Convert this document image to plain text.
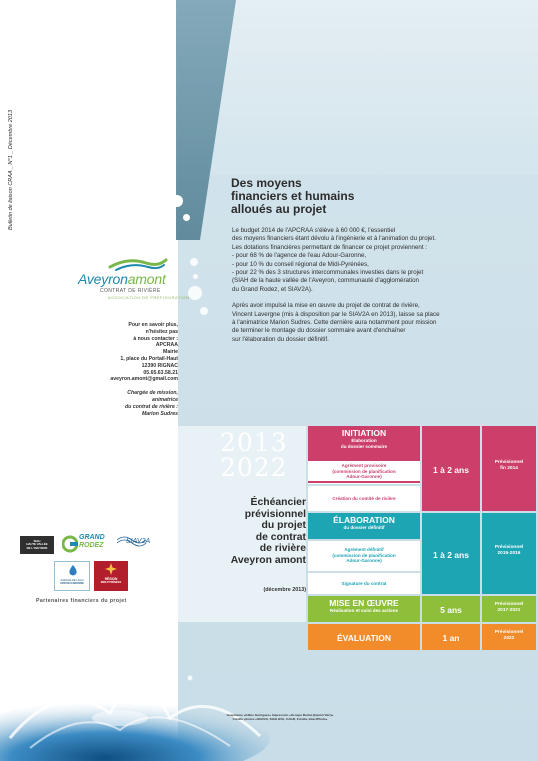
Bulletin de liaison CRAA _ N°1 _ Décembre 2013
Aveyronamont
CONTRAT DE RIVIÈRE
ASSOCIATION DE PRÉFIGURATION
Pour en savoir plus,
n'hésitez pas
à nous contacter :
APCRAA
Mairie
1, place du Portail-Haut
12390 RIGNAC
05.65.63.58.21
aveyron.amont@gmail.com
Chargée de mission,
animatrice
du contrat de rivière :
Marion Sudres
SIAH
HAUTE VALLÉE
DE L'AVEYRON
GRAND
RODEZ
SIAV2A
AGENCE DE L'EAU
ADOUR-GARONNE
RÉGION
MIDI-PYRÉNÉES
Partenaires financiers du projet
Des moyens
financiers et humains
alloués au projet

Le budget 2014 de l'APCRAA s'élève à 60 000 €, l'essentiel
des moyens financiers étant dévolu à l'ingénierie et à l'animation du projet.
Les dotations financières permettant de financer ce projet proviennent :
- pour 68 % de l'agence de l'eau Adour-Garonne,
- pour 10 % du conseil régional de Midi-Pyrénées,
- pour 22 % des 3 structures intercommunales investies dans le projet
(SIAH de la haute vallée de l'Aveyron, communauté d'agglomération
du Grand Rodez, et SIAV2A).

Après avoir impulsé la mise en œuvre du projet de contrat de rivière,
Vincent Lavergne (mis à disposition par le SIAV2A en 2013), laisse sa place
à l'animatrice Marion Sudres. Cette dernière aura notamment pour mission
de terminer le montage du dossier sommaire avant d'enchaîner
sur l'élaboration du dossier définitif.

2013
2022
Échéancier
prévisionnel
du projet
de contrat
de rivière
Aveyron amont
(décembre 2013)
INITIATION
Élaboration
du dossier sommaire
Agrément provisoire
(commission de planification
Adour-Garonne)
1 à 2 ans
Prévisionnel
fin 2014
Création du comité de rivière
ÉLABORATION
du dossier définitif
1 à 2 ans
Prévisionnel
2015-2016
Agrément définitif
(commission de planification
Adour-Garonne)
Signature du contrat
MISE EN ŒUVRE
Réalisation et suivi des actions	5 ans
Prévisionnel
2017-2021
ÉVALUATION	1 an
Prévisionnel
2022
Graphisme «Gilles Garrigues» Impression «Groupe Burlat (Imprim'Vert)»
Crédits photos «SIAV2A, SIAH HVA, CAGR, Fotolia, IntactPhoto»
